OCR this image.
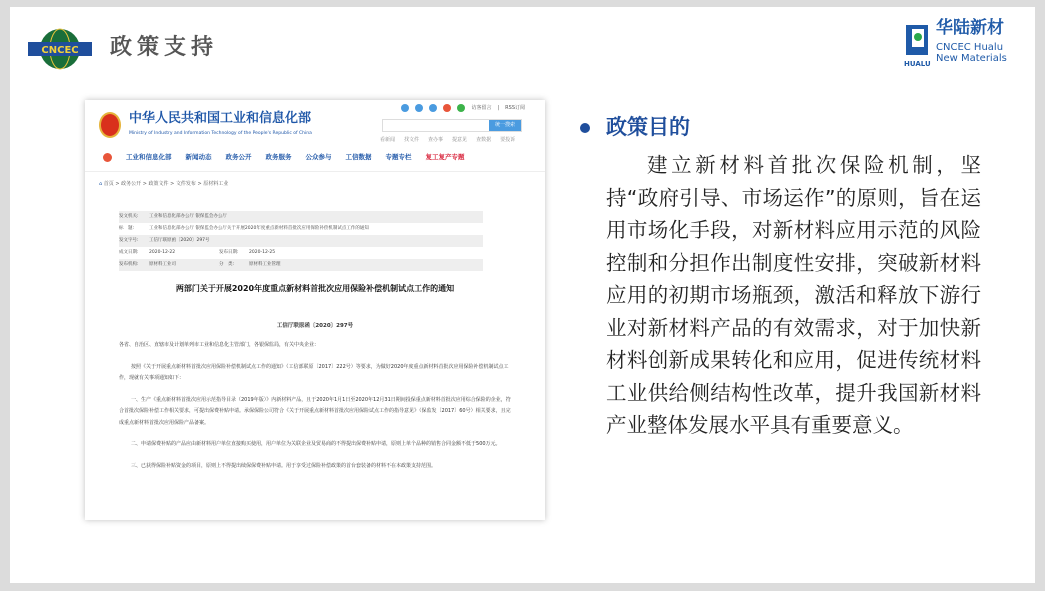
CNCEC 政策支持
华陆新材
CNCEC Hualu
New Materials
HUALU
中华人民共和国工业和信息化部
Ministry of Industry and Information Technology of the People's Republic of China
访客留言 | RSS订阅
统一搜索
看新闻 找文件 查办事 提意见 查数据 要投诉
工业和信息化部 新闻动态 政务公开 政务服务 公众参与 工信数据 专题专栏 复工复产专题
⌂ 首页 > 政务公开 > 政策文件 > 文件发布 > 原材料工业
发文机关: 工业和信息化部办公厅 银保监会办公厅
标　题:	工业和信息化部办公厅 银保监会办公厅关于开展2020年度重点新材料首批次应用保险补偿机制试点工作的通知
发文字号: 工信厅联原函〔2020〕297号
成文日期: 2020-12-22	发布日期: 2020-12-25
发布机构: 原材料工业司	分　类:	原材料工业管理
两部门关于开展2020年度重点新材料首批次应用保险补偿机制试点工作的通知
工信厅联原函〔2020〕297号
各省、自治区、直辖市及计划单列市工业和信息化主管部门，各银保监局，有关中央企业：
按照《关于开展重点新材料首批次应用保险补偿机制试点工作的通知》（工信部联原〔2017〕222号）等要求，为做好2020年度重点新材料首批次应用保险补偿机制试点工作，现就有关事项通知如下：
一、生产《重点新材料首批次应用示范指导目录（2019年版）》内新材料产品，且于2020年1月1日至2020年12月31日期间投保重点新材料首批次应用综合保险的企业，符合首批次保险补偿工作相关要求，可提出保费补贴申请。承保保险公司符合《关于开展重点新材料首批次应用保险试点工作的指导意见》（保监发〔2017〕60号）相关要求，且完成重点新材料首批次应用保险产品备案。
二、申请保费补贴的产品应由新材料用户单位直接购买使用，用户单位为关联企业及贸易商的不得提出保费补贴申请，原则上单个品种的销售合同金额不低于500万元。
三、已获得保险补贴资金的项目，原则上不得提出续保保费补贴申请。用于享受过保险补偿政策的首台套装备的材料不在本政策支持范围。
政策目的
建立新材料首批次保险机制，坚持“政府引导、市场运作”的原则，旨在运用市场化手段，对新材料应用示范的风险控制和分担作出制度性安排，突破新材料应用的初期市场瓶颈，激活和释放下游行业对新材料产品的有效需求，对于加快新材料创新成果转化和应用，促进传统材料工业供给侧结构性改革，提升我国新材料产业整体发展水平具有重要意义。
